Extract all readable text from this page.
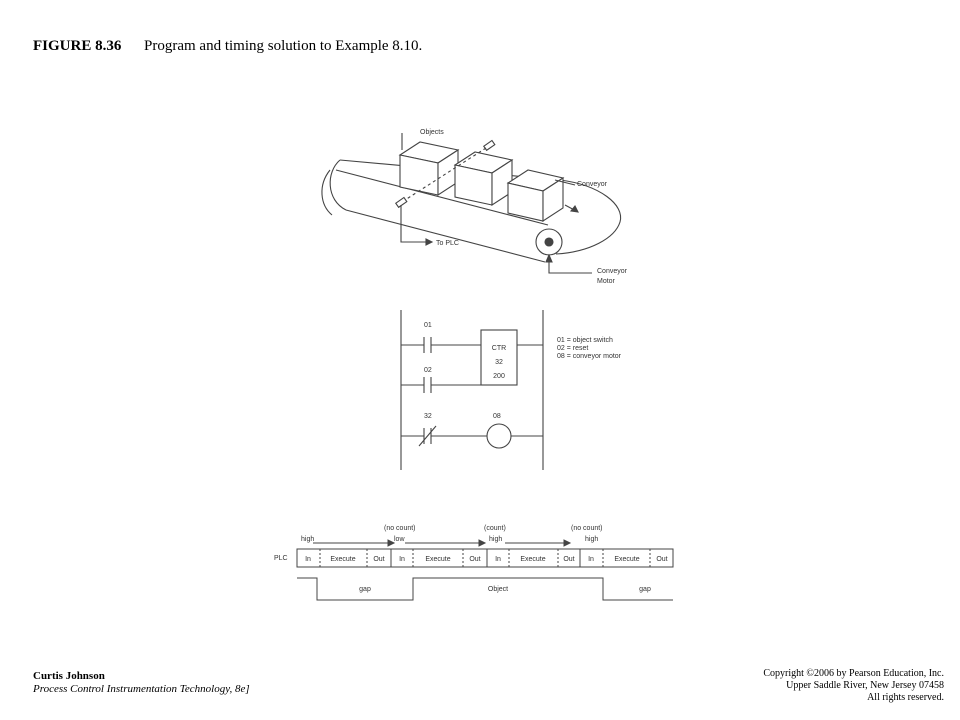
FIGURE 8.36 Program and timing solution to Example 8.10.
Objects
Conveyor
To PLC
Conveyor
Motor
01
02
32	08
CTR
32
200
01 = object switch
02 = reset
08 = conveyor motor
(no count)	(count)	(no count)
high	low	high	high
PLC In	Execute	Out In	Execute	Out In	Execute	Out In	Execute Out
gap	Object	gap
Curtis Johnson
Process Control Instrumentation Technology, 8e]
Copyright ©2006 by Pearson Education, Inc.
Upper Saddle River, New Jersey 07458
All rights reserved.
